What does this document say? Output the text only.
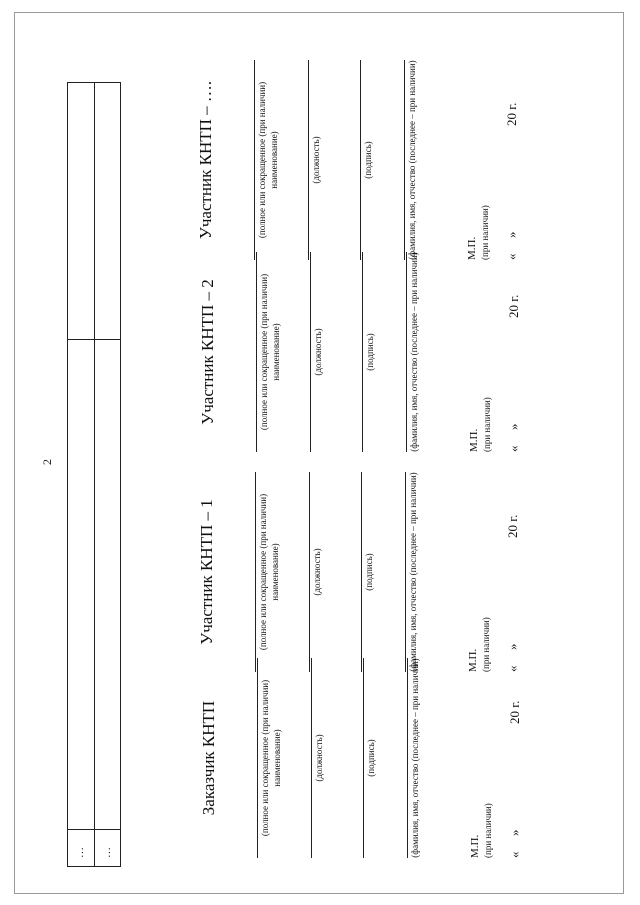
2
… …
Заказчик КНТП	(полное или сокращенное (при наличии) наименование)	(должность)	(подпись)	(фамилия, имя, отчество (последнее – при наличии)	М.П. (при наличии) «»20 г.
Участник КНТП – 1	(полное или сокращенное (при наличии) наименование)	(должность)	(подпись)	(фамилия, имя, отчество (последнее – при наличии)	М.П. (при наличии) «»20 г.
Участник КНТП – 2	(полное или сокращенное (при наличии) наименование)	(должность)	(подпись)	(фамилия, имя, отчество (последнее – при наличии)	М.П. (при наличии) «»20 г.
Участник КНТП – ….	(полное или сокращенное (при наличии) наименование)	(должность)	(подпись)	(фамилия, имя, отчество (последнее – при наличии)	М.П. (при наличии) «»20 г.
